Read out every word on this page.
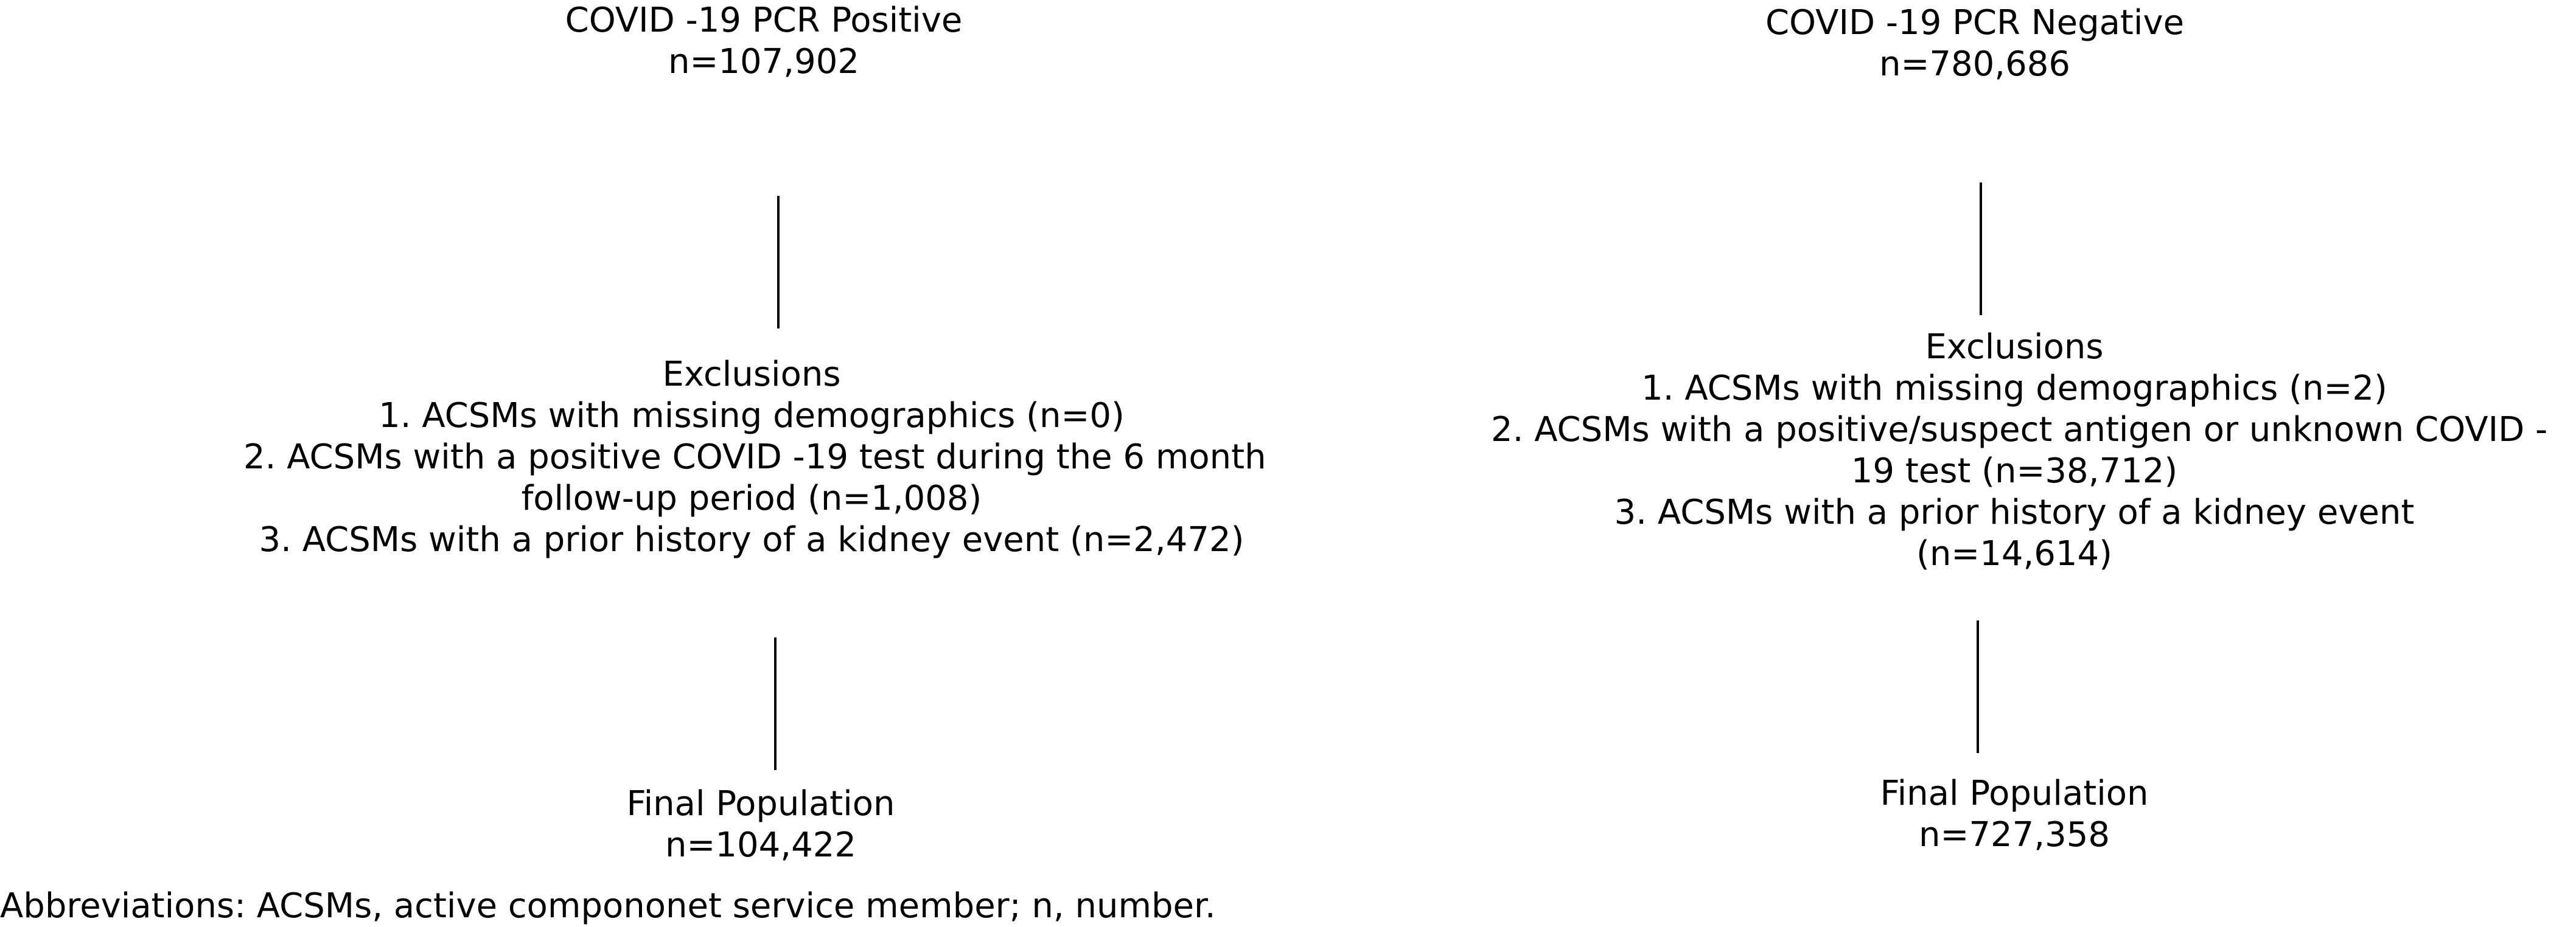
COVID -19 PCR Positive
n=107,902
Exclusions
1. ACSMs with missing demographics (n=0)
2. ACSMs with a positive COVID -19 test during the 6 month
follow-up period (n=1,008)
3. ACSMs with a prior history of a kidney event (n=2,472)
Final Population
n=104,422
COVID -19 PCR Negative
n=780,686
Exclusions
1. ACSMs with missing demographics (n=2)
2. ACSMs with a positive/suspect antigen or unknown COVID -
19 test (n=38,712)
3. ACSMs with a prior history of a kidney event
(n=14,614)
Final Population
n=727,358
Abbreviations: ACSMs, active compononet service member; n, number.
